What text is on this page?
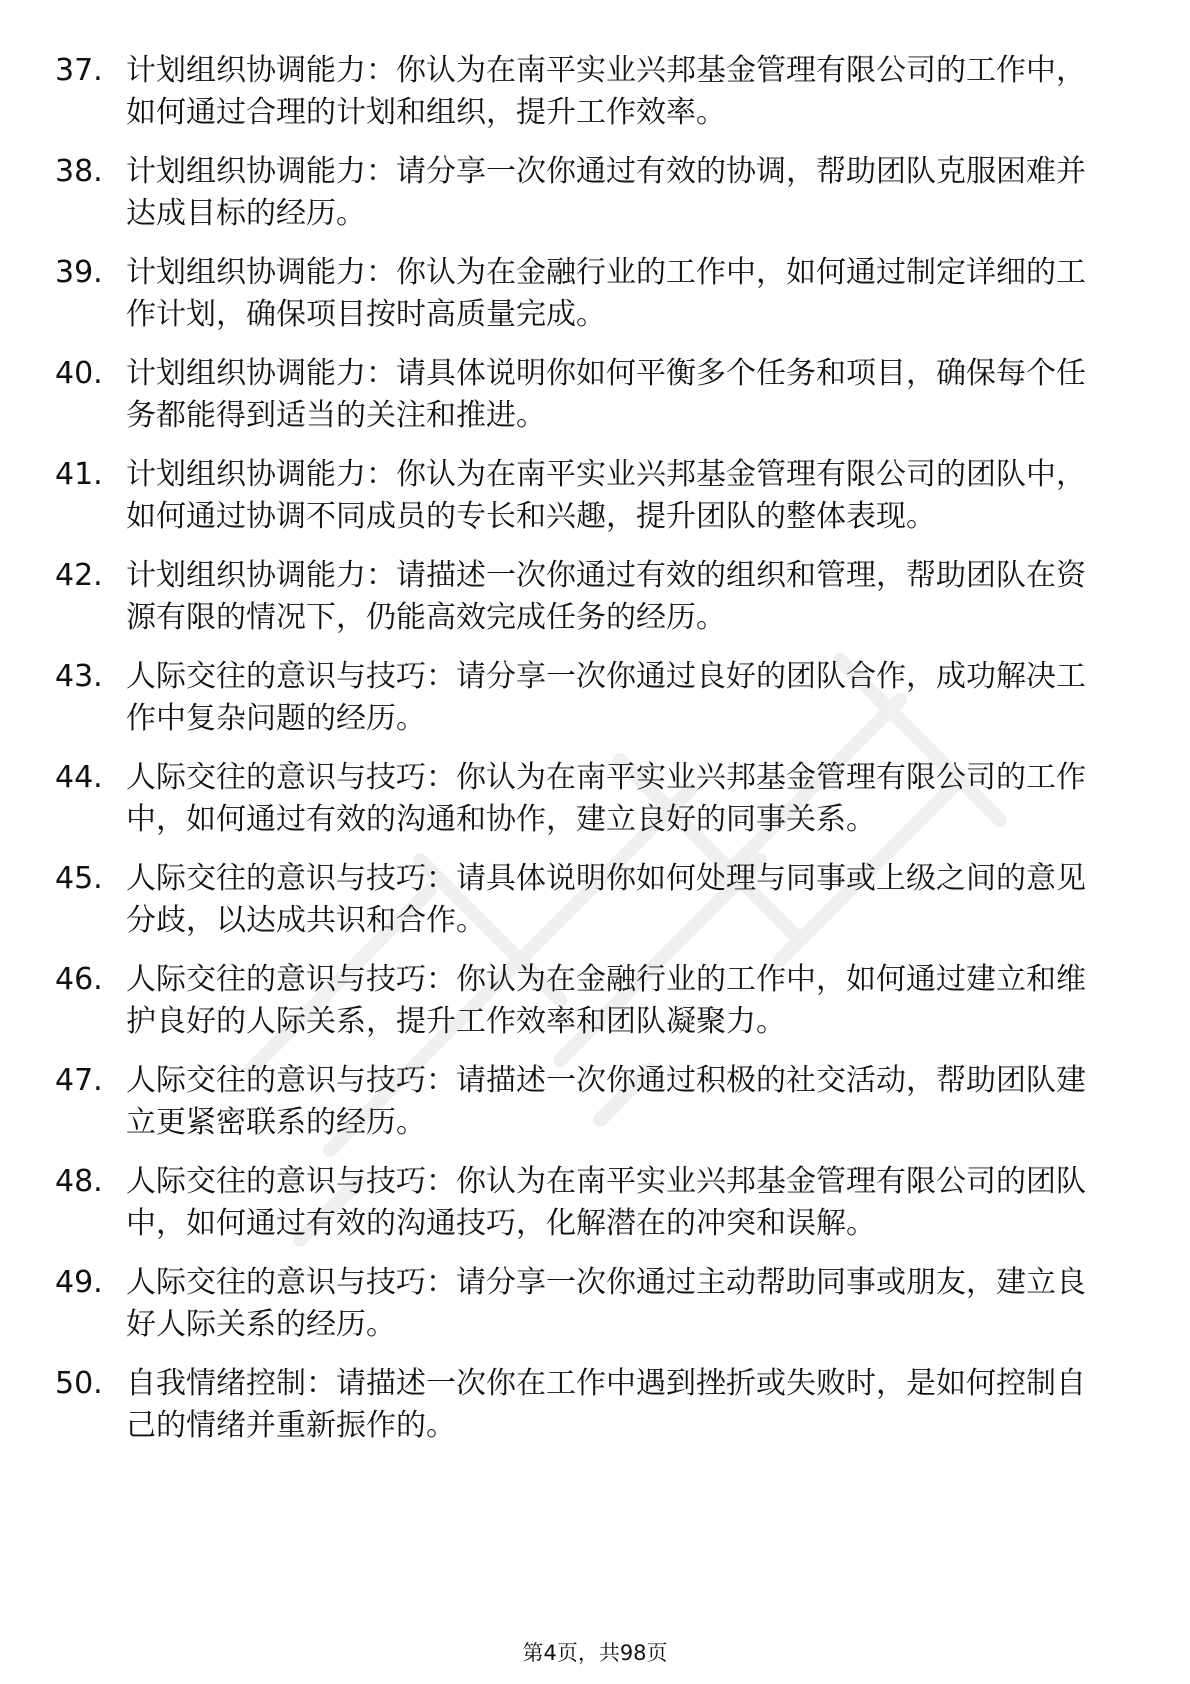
37. 计划组织协调能力：你认为在南平实业兴邦基金管理有限公司的工作中，如何通过合理的计划和组织，提升工作效率。
38. 计划组织协调能力：请分享一次你通过有效的协调，帮助团队克服困难并达成目标的经历。
39. 计划组织协调能力：你认为在金融行业的工作中，如何通过制定详细的工作计划，确保项目按时高质量完成。
40. 计划组织协调能力：请具体说明你如何平衡多个任务和项目，确保每个任务都能得到适当的关注和推进。
41. 计划组织协调能力：你认为在南平实业兴邦基金管理有限公司的团队中，如何通过协调不同成员的专长和兴趣，提升团队的整体表现。
42. 计划组织协调能力：请描述一次你通过有效的组织和管理，帮助团队在资源有限的情况下，仍能高效完成任务的经历。
43. 人际交往的意识与技巧：请分享一次你通过良好的团队合作，成功解决工作中复杂问题的经历。
44. 人际交往的意识与技巧：你认为在南平实业兴邦基金管理有限公司的工作中，如何通过有效的沟通和协作，建立良好的同事关系。
45. 人际交往的意识与技巧：请具体说明你如何处理与同事或上级之间的意见分歧，以达成共识和合作。
46. 人际交往的意识与技巧：你认为在金融行业的工作中，如何通过建立和维护良好的人际关系，提升工作效率和团队凝聚力。
47. 人际交往的意识与技巧：请描述一次你通过积极的社交活动，帮助团队建立更紧密联系的经历。
48. 人际交往的意识与技巧：你认为在南平实业兴邦基金管理有限公司的团队中，如何通过有效的沟通技巧，化解潜在的冲突和误解。
49. 人际交往的意识与技巧：请分享一次你通过主动帮助同事或朋友，建立良好人际关系的经历。
50. 自我情绪控制：请描述一次你在工作中遇到挫折或失败时，是如何控制自己的情绪并重新振作的。
第4页，共98页
